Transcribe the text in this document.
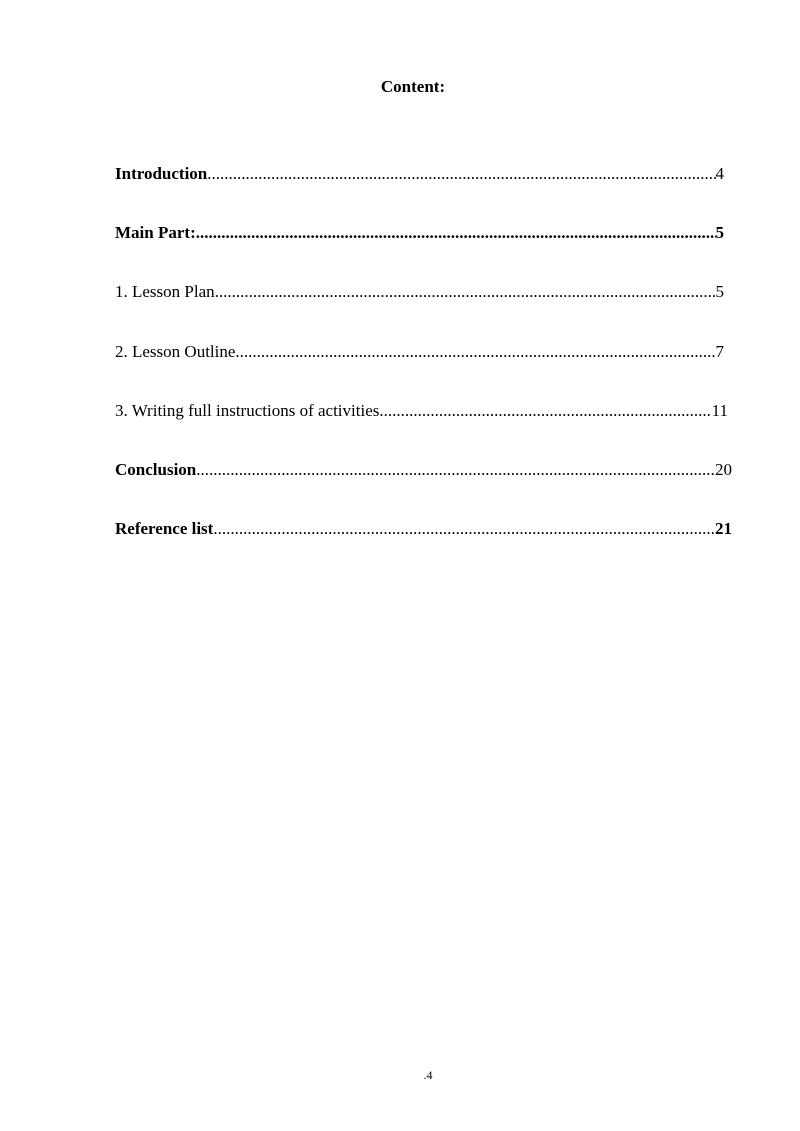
Content:
Introduction .....	4
Main Part: .....	5
1. Lesson Plan .....	5
2. Lesson Outline .....	7
3. Writing full instructions of activities .....	11
Conclusion .....	20
Reference list .....	21
.4
